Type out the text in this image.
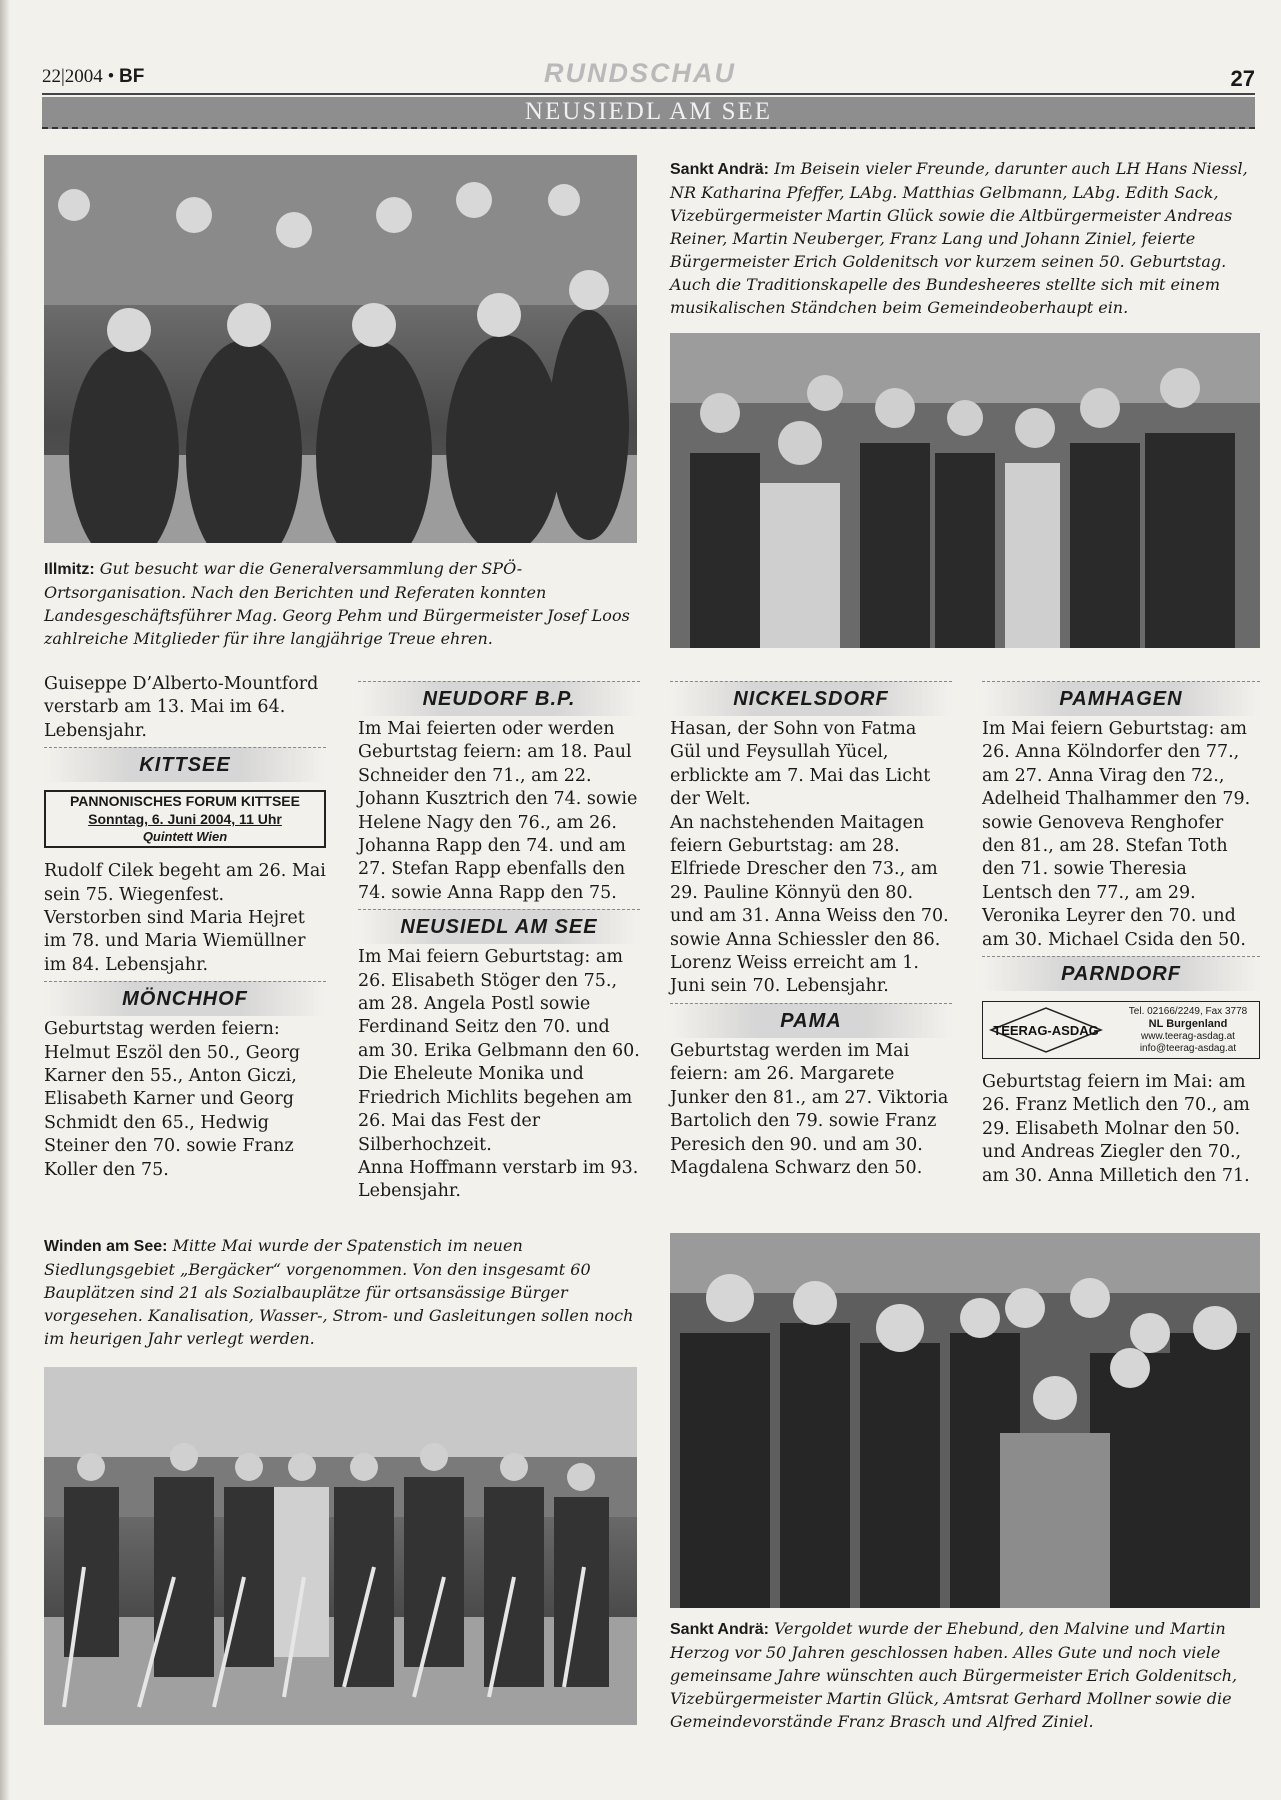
22|2004 • BF	RUNDSCHAU	27
NEUSIEDL AM SEE
Sankt Andrä: Im Beisein vieler Freunde, darunter auch LH Hans Niessl, NR Katharina Pfeffer, LAbg. Matthias Gelbmann, LAbg. Edith Sack, Vizebürgermeister Martin Glück sowie die Altbürgermeister Andreas Reiner, Martin Neuberger, Franz Lang und Johann Ziniel, feierte Bürgermeister Erich Goldenitsch vor kurzem seinen 50. Geburtstag. Auch die Traditionskapelle des Bundesheeres stellte sich mit einem musikalischen Ständchen beim Gemeindeoberhaupt ein.
Illmitz: Gut besucht war die Generalversammlung der SPÖ-Ortsorganisation. Nach den Berichten und Referaten konnten Landesgeschäftsführer Mag. Georg Pehm und Bürgermeister Josef Loos zahlreiche Mitglieder für ihre langjährige Treue ehren.

Guiseppe D’Alberto-Mountford verstarb am 13. Mai im 64. Lebensjahr.

KITTSEE
PANNONISCHES FORUM KITTSEE
Sonntag, 6. Juni 2004, 11 Uhr
Quintett Wien

Rudolf Cilek begeht am 26. Mai sein 75. Wiegenfest. Verstorben sind Maria Hejret im 78. und Maria Wiemüllner im 84. Lebensjahr.

MÖNCHHOF

Geburtstag werden feiern: Helmut Eszöl den 50., Georg Karner den 55., Anton Giczi, Elisabeth Karner und Georg Schmidt den 65., Hedwig Steiner den 70. sowie Franz Koller den 75.

NEUDORF B.P.

Im Mai feierten oder werden Geburtstag feiern: am 18. Paul Schneider den 71., am 22. Johann Kusztrich den 74. sowie Helene Nagy den 76., am 26. Johanna Rapp den 74. und am 27. Stefan Rapp ebenfalls den 74. sowie Anna Rapp den 75.

NEUSIEDL AM SEE

Im Mai feiern Geburtstag: am 26. Elisabeth Stöger den 75., am 28. Angela Postl sowie Ferdinand Seitz den 70. und am 30. Erika Gelbmann den 60. Die Eheleute Monika und Friedrich Michlits begehen am 26. Mai das Fest der Silberhochzeit.

Anna Hoffmann verstarb im 93. Lebensjahr.

NICKELSDORF

Hasan, der Sohn von Fatma Gül und Feysullah Yücel, erblickte am 7. Mai das Licht der Welt.

An nachstehenden Maitagen feiern Geburtstag: am 28. Elfriede Drescher den 73., am 29. Pauline Könnyü den 80. und am 31. Anna Weiss den 70. sowie Anna Schiessler den 86.

Lorenz Weiss erreicht am 1. Juni sein 70. Lebensjahr.

PAMA

Geburtstag werden im Mai feiern: am 26. Margarete Junker den 81., am 27. Viktoria Bartolich den 79. sowie Franz Peresich den 90. und am 30. Magdalena Schwarz den 50.

PAMHAGEN

Im Mai feiern Geburtstag: am 26. Anna Kölndorfer den 77., am 27. Anna Virag den 72., Adelheid Thalhammer den 79. sowie Genoveva Renghofer den 81., am 28. Stefan Toth den 71. sowie Theresia Lentsch den 77., am 29. Veronika Leyrer den 70. und am 30. Michael Csida den 50.

PARNDORF
TEERAG-ASDAG
Tel. 02166/2249, Fax 3778
NL Burgenland
www.teerag-asdag.at
info@teerag-asdag.at

Geburtstag feiern im Mai: am 26. Franz Metlich den 70., am 29. Elisabeth Molnar den 50. und Andreas Ziegler den 70., am 30. Anna Milletich den 71.

Winden am See: Mitte Mai wurde der Spatenstich im neuen Siedlungsgebiet „Bergäcker“ vorgenommen. Von den insgesamt 60 Bauplätzen sind 21 als Sozialbauplätze für ortsansässige Bürger vorgesehen. Kanalisation, Wasser-, Strom- und Gasleitungen sollen noch im heurigen Jahr verlegt werden.
Sankt Andrä: Vergoldet wurde der Ehebund, den Malvine und Martin Herzog vor 50 Jahren geschlossen haben. Alles Gute und noch viele gemeinsame Jahre wünschten auch Bürgermeister Erich Goldenitsch, Vizebürgermeister Martin Glück, Amtsrat Gerhard Mollner sowie die Gemeindevorstände Franz Brasch und Alfred Ziniel.
